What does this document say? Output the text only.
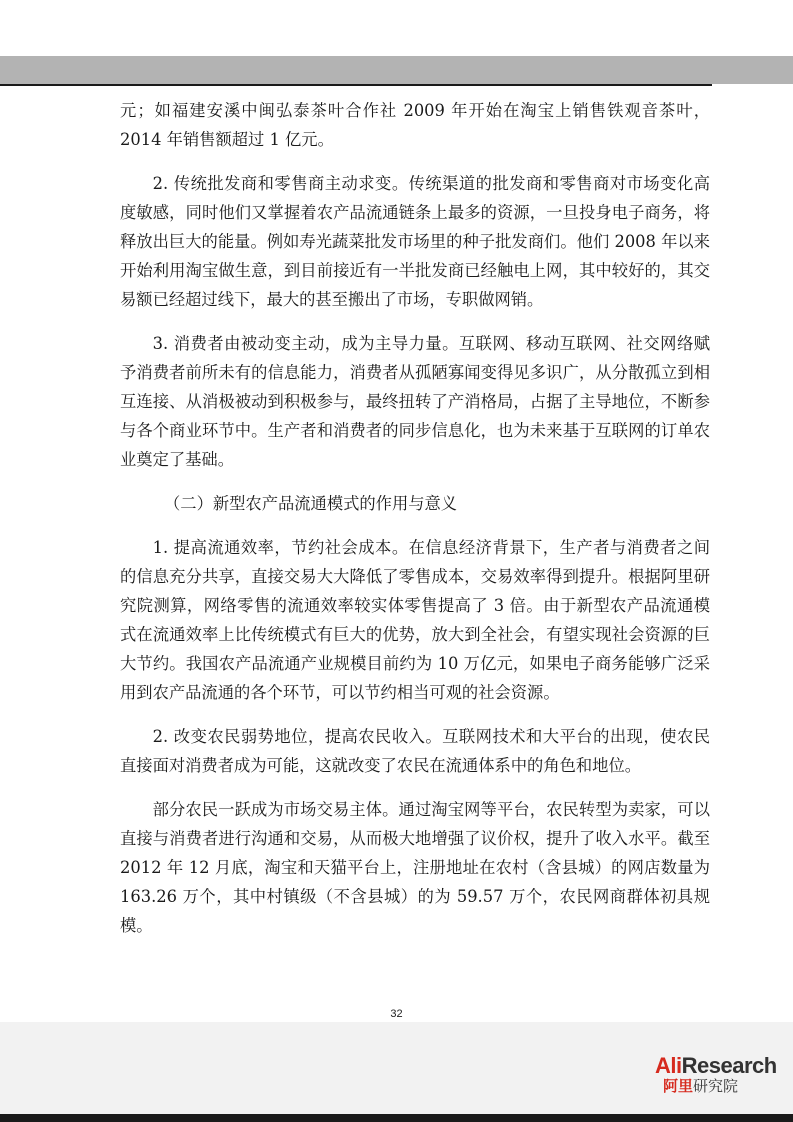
元；如福建安溪中闽弘泰茶叶合作社 2009 年开始在淘宝上销售铁观音茶叶，2014 年销售额超过 1 亿元。

2. 传统批发商和零售商主动求变。传统渠道的批发商和零售商对市场变化高度敏感，同时他们又掌握着农产品流通链条上最多的资源，一旦投身电子商务，将释放出巨大的能量。例如寿光蔬菜批发市场里的种子批发商们。他们 2008 年以来开始利用淘宝做生意，到目前接近有一半批发商已经触电上网，其中较好的，其交易额已经超过线下，最大的甚至搬出了市场，专职做网销。

3. 消费者由被动变主动，成为主导力量。互联网、移动互联网、社交网络赋予消费者前所未有的信息能力，消费者从孤陋寡闻变得见多识广，从分散孤立到相互连接、从消极被动到积极参与，最终扭转了产消格局，占据了主导地位，不断参与各个商业环节中。生产者和消费者的同步信息化，也为未来基于互联网的订单农业奠定了基础。

（二）新型农产品流通模式的作用与意义

1. 提高流通效率，节约社会成本。在信息经济背景下，生产者与消费者之间的信息充分共享，直接交易大大降低了零售成本，交易效率得到提升。根据阿里研究院测算，网络零售的流通效率较实体零售提高了 3 倍。由于新型农产品流通模式在流通效率上比传统模式有巨大的优势，放大到全社会，有望实现社会资源的巨大节约。我国农产品流通产业规模目前约为 10 万亿元，如果电子商务能够广泛采用到农产品流通的各个环节，可以节约相当可观的社会资源。

2. 改变农民弱势地位，提高农民收入。互联网技术和大平台的出现，使农民直接面对消费者成为可能，这就改变了农民在流通体系中的角色和地位。

部分农民一跃成为市场交易主体。通过淘宝网等平台，农民转型为卖家，可以直接与消费者进行沟通和交易，从而极大地增强了议价权，提升了收入水平。截至 2012 年 12 月底，淘宝和天猫平台上，注册地址在农村（含县城）的网店数量为 163.26 万个，其中村镇级（不含县城）的为 59.57 万个，农民网商群体初具规模。

32
AliResearch
阿里研究院
